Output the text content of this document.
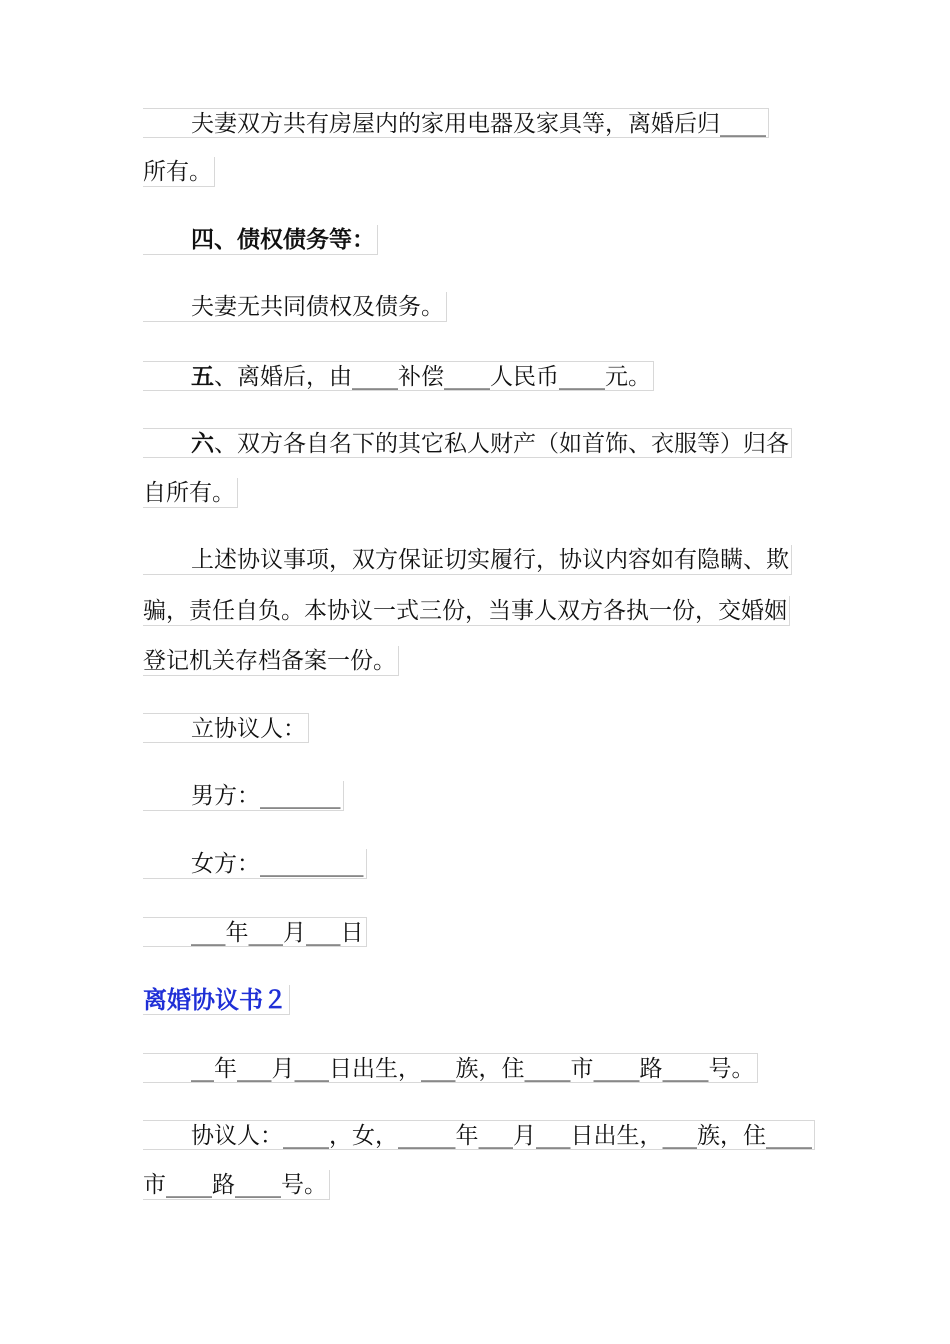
夫妻双方共有房屋内的家用电器及家具等，离婚后归____
所有。
四、债权债务等：
夫妻无共同债权及债务。
五、离婚后，由____补偿____人民币____元。
六、双方各自名下的其它私人财产（如首饰、衣服等）归各
自所有。
上述协议事项，双方保证切实履行，协议内容如有隐瞒、欺
骗，责任自负。本协议一式三份，当事人双方各执一份，交婚姻
登记机关存档备案一份。
立协议人：
男方：_______
女方：_________
___年___月___日
离婚协议书２
__年___月___日出生，___族，住____市____路____号。
协议人：____，女，_____年___月___日出生，___族，住____
市____路____号。
